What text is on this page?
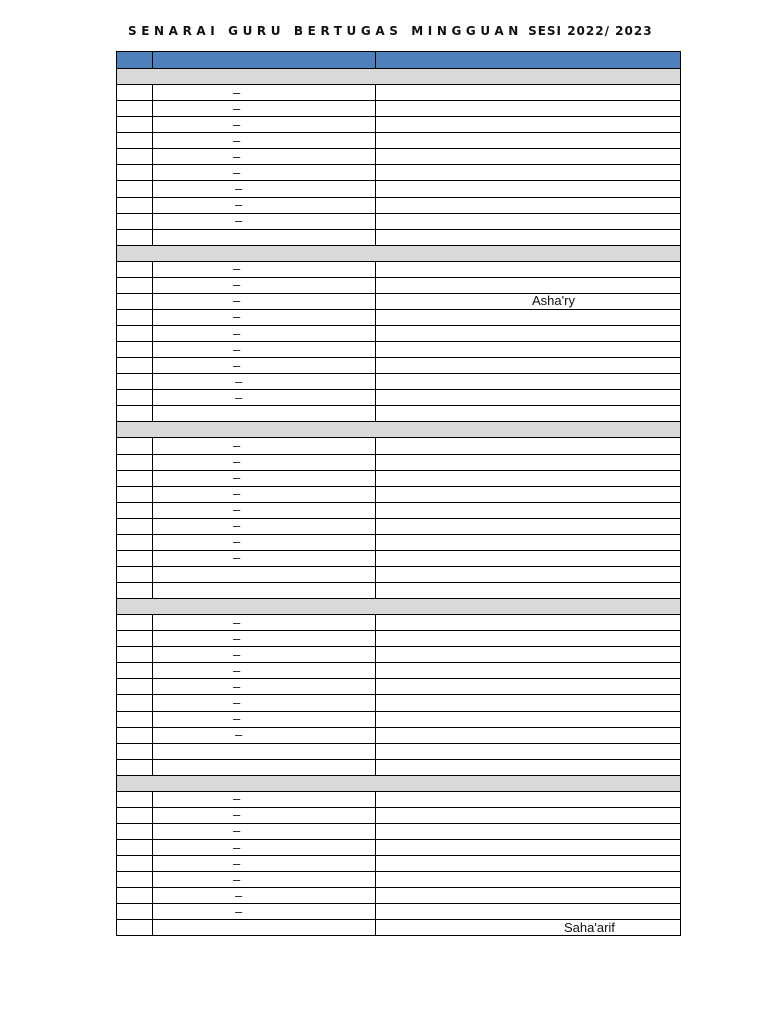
SENARAI GURU BERTUGAS MINGGUAN SESI 2022/ 2023

	–	
	–	
	–	
	–	
	–	
	–	
	–	
	–	
	–	

	–	
	–	
	–	Asha'ry
	–	
	–	
	–	
	–	
	–	
	–	

	–	
	–	
	–	
	–	
	–	
	–	
	–	
	–	

	–	
	–	
	–	
	–	
	–	
	–	
	–	
	–	

	–	
	–	
	–	
	–	
	–	
	–	
	–	
	–	
		Saha'arif
